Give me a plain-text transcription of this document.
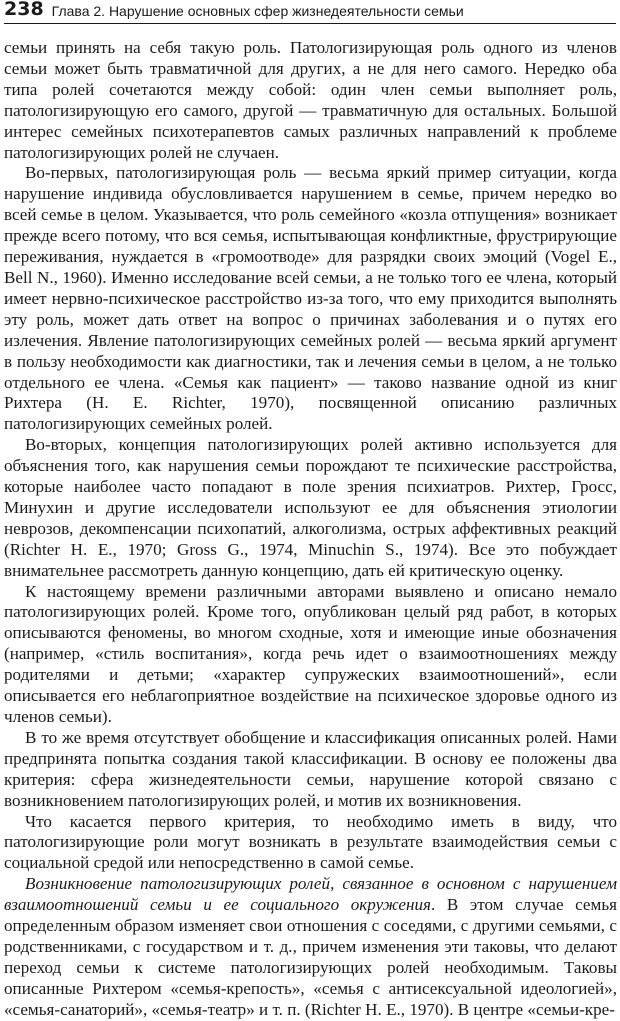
238 Глава 2. Нарушение основных сфер жизнедеятельности семьи

семьи принять на себя такую роль. Патологизирующая роль одного из членов семьи может быть травматичной для других, а не для него самого. Нередко оба типа ролей сочетаются между собой: один член семьи выполняет роль, патологизирующую его самого, другой — травматичную для остальных. Большой интерес семейных психотерапевтов самых различных направлений к проблеме патологизирующих ролей не случаен.

Во-первых, патологизирующая роль — весьма яркий пример ситуации, когда нарушение индивида обусловливается нарушением в семье, причем нередко во всей семье в целом. Указывается, что роль семейного «козла отпущения» возникает прежде всего потому, что вся семья, испытывающая конфликтные, фрустрирующие переживания, нуждается в «громоотводе» для разрядки своих эмоций (Vogel E., Bell N., 1960). Именно исследование всей семьи, а не только того ее члена, который имеет нервно-психическое расстройство из-за того, что ему приходится выполнять эту роль, может дать ответ на вопрос о причинах заболевания и о путях его излечения. Явление патологизирующих семейных ролей — весьма яркий аргумент в пользу необходимости как диагностики, так и лечения семьи в целом, а не только отдельного ее члена. «Семья как пациент» — таково название одной из книг Рихтера (H. E. Richter, 1970), посвященной описанию различных патологизирующих семейных ролей.

Во-вторых, концепция патологизирующих ролей активно используется для объяснения того, как нарушения семьи порождают те психические расстройства, которые наиболее часто попадают в поле зрения психиатров. Рихтер, Гросс, Минухин и другие исследователи используют ее для объяснения этиологии неврозов, декомпенсации психопатий, алкоголизма, острых аффективных реакций (Richter H. E., 1970; Gross G., 1974, Minuchin S., 1974). Все это побуждает внимательнее рассмотреть данную концепцию, дать ей критическую оценку.

К настоящему времени различными авторами выявлено и описано немало патологизирующих ролей. Кроме того, опубликован целый ряд работ, в которых описываются феномены, во многом сходные, хотя и имеющие иные обозначения (например, «стиль воспитания», когда речь идет о взаимоотношениях между родителями и детьми; «характер супружеских взаимоотношений», если описывается его неблагоприятное воздействие на психическое здоровье одного из членов семьи).

В то же время отсутствует обобщение и классификация описанных ролей. Нами предпринята попытка создания такой классификации. В основу ее положены два критерия: сфера жизнедеятельности семьи, нарушение которой связано с возникновением патологизирующих ролей, и мотив их возникновения.

Что касается первого критерия, то необходимо иметь в виду, что патологизирующие роли могут возникать в результате взаимодействия семьи с социальной средой или непосредственно в самой семье.

Возникновение патологизирующих ролей, связанное в основном с нарушением взаимоотношений семьи и ее социального окружения. В этом случае семья определенным образом изменяет свои отношения с соседями, с другими семьями, с родственниками, с государством и т. д., причем изменения эти таковы, что делают переход семьи к системе патологизирующих ролей необходимым. Таковы описанные Рихтером «семья-крепость», «семья с антисексуальной идеологией», «семья-санаторий», «семья-театр» и т. п. (Richter H. E., 1970). В центре «семьи-кре-
